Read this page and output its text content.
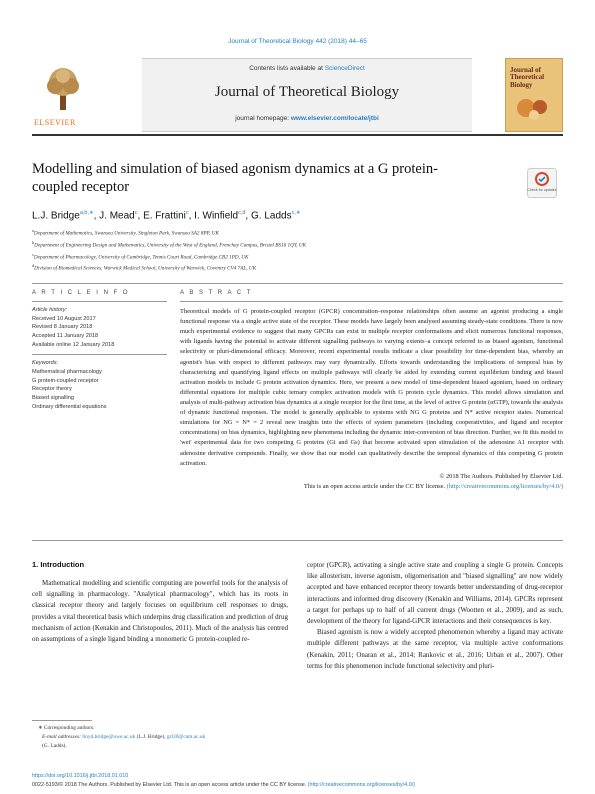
Journal of Theoretical Biology 442 (2018) 44–65
ELSEVIER
Contents lists available at ScienceDirect
Journal of Theoretical Biology
journal homepage: www.elsevier.com/locate/jtbi
Journal of Theoretical Biology
Modelling and simulation of biased agonism dynamics at a G protein-coupled receptor	Check for updates
L.J. Bridge$^{a,b,∗}$, J. Mead$^c$, E. Frattini$^c$, I. Winfield$^{c,d}$, G. Ladds$^{c,∗}$
$^a$Department of Mathematics, Swansea University, Singleton Park, Swansea SA2 8PP, UK
$^b$Department of Engineering Design and Mathematics, University of the West of England, Frenchay Campus, Bristol BS16 1QY, UK
$^c$Department of Pharmacology, University of Cambridge, Tennis Court Road, Cambridge CB2 1PD, UK
$^d$Division of Biomedical Sciences, Warwick Medical School, University of Warwick, Coventry CV4 7AL, UK
A R T I C L E I N F O
Article history:
Received 10 August 2017
Revised 8 January 2018
Accepted 11 January 2018
Available online 12 January 2018
Keywords:
Mathematical pharmacology
G protein-coupled receptor
Receptor theory
Biased signalling
Ordinary differential equations
A B S T R A C T
Theoretical models of G protein-coupled receptor (GPCR) concentration–response relationships often assume an agonist producing a single functional response via a single active state of the receptor. These models have largely been analysed assuming steady-state conditions. There is now much experimental evidence to suggest that many GPCRs can exist in multiple receptor conformations and elicit numerous functional responses, with ligands having the potential to activate different signalling pathways to varying extents–a concept referred to as biased agonism, functional selectivity or pluri-dimensional efficacy. Moreover, recent experimental results indicate a clear possibility for time-dependent bias, whereby an agonist's bias with respect to different pathways may vary dynamically. Efforts towards understanding the implications of temporal bias by characterising and quantifying ligand effects on multiple pathways will clearly be aided by extending current equilibrium binding and biased activation models to include G protein activation dynamics. Here, we present a new model of time-dependent biased agonism, based on ordinary differential equations for multiple cubic ternary complex activation models with G protein cycle dynamics. This model allows simulation and analysis of multi-pathway activation bias dynamics at a single receptor for the first time, at the level of active G protein (αGTP), towards the analysis of dynamic functional responses. The model is generally applicable to systems with NG G proteins and N* active receptor states. Numerical simulations for NG = N* = 2 reveal new insights into the effects of system parameters (including cooperativities, and ligand and receptor concentrations) on bias dynamics, highlighting new phenomena including the dynamic inter-conversion of bias direction. Further, we fit this model to 'wet' experimental data for two competing G proteins (Gi and Gs) that become activated upon stimulation of the adenosine A1 receptor with adenosine derivative compounds. Finally, we show that our model can qualitatively describe the temporal dynamics of this competing G protein activation.
© 2018 The Authors. Published by Elsevier Ltd.
This is an open access article under the CC BY license. (http://creativecommons.org/licenses/by/4.0/)
1. Introduction

Mathematical modelling and scientific computing are powerful tools for the analysis of cell signalling in pharmacology. "Analytical pharmacology", which has its roots in classical receptor theory and largely focuses on equilibrium cell responses to drugs, provides a vital theoretical basis which underpins drug classification and prediction of drug mechanism of action (Kenakin and Christopoulos, 2011). Much of the analysis has centred on assumptions of a single ligand binding a monomeric G protein-coupled re-

ceptor (GPCR), activating a single active state and coupling a single G protein. Concepts like allosterism, inverse agonism, oligomerisation and "biased signalling" are now widely accepted and have enhanced receptor theory towards better understanding of drug-receptor interactions and informed drug discovery (Kenakin and Williams, 2014). GPCRs represent a target for perhaps up to half of all current drugs (Wootten et al., 2009), and as such, development of the theory for ligand-GPCR interactions and their consequences is key.

Biased agonism is now a widely accepted phenomenon whereby a ligand may activate multiple different pathways at the same receptor, via multiple active conformations (Kenakin, 2011; Onaran et al., 2014; Rankovic et al., 2016; Urban et al., 2007). Other terms for this phenomenon include functional selectivity and pluri-

∗ Corresponding authors.
E-mail addresses: lloyd.bridge@uwe.ac.uk (L.J. Bridge), grl30@cam.ac.uk
(G. Ladds).
https://doi.org/10.1016/j.jtbi.2018.01.010
0022-5193/© 2018 The Authors. Published by Elsevier Ltd. This is an open access article under the CC BY license. (http://creativecommons.org/licenses/by/4.0/)
